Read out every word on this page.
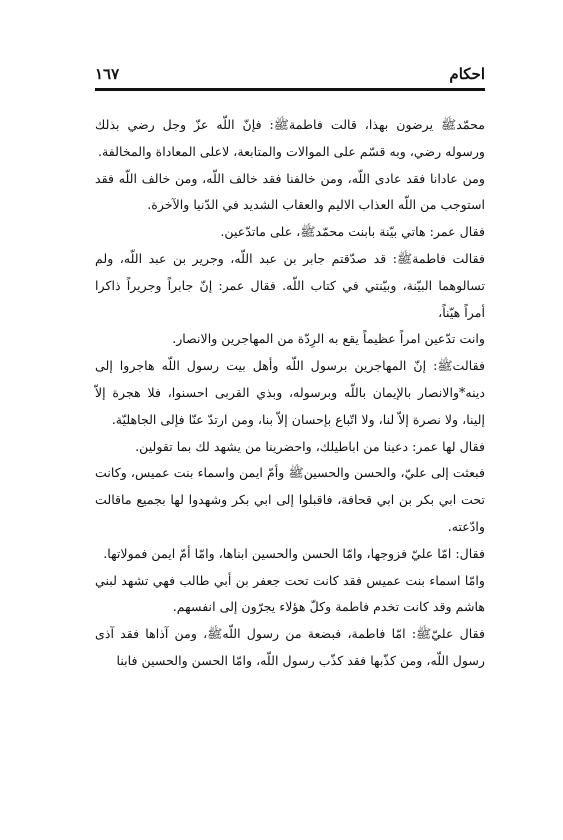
١٦٧	احكام

محمّدﷺ يرضون بهذا، قالت فاطمةﷺ: فإنّ اللّه عزّ وجل رضي بذلك ورسوله رضي، وبه قسّم على الموالات والمتابعة، لاعلى المعاداة والمخالفة.

ومن عادانا فقد عادى اللّه، ومن خالفنا فقد خالف اللّه، ومن خالف اللّه فقد استوجب من اللّه العذاب الاليم والعقاب الشديد في الدّنيا والآخرة.

فقال عمر: هاتي بيّنة بابنت محمّدﷺ، على ماتدّعين.

فقالت فاطمةﷺ: قد صدّقتم جابر بن عبد اللّه، وجرير بن عبد اللّه، ولم تسالوهما البيّنة، وبيّنتي في كتاب اللّه. فقال عمر: إنّ جابراً وجريراً ذاكرا أمراً هيّناً،

وانت تدّعين امراً عظيماً يقع به الرِدّة من المهاجرين والانصار.

فقالتﷺ: إنّ المهاجرين برسول اللّه وأهل بيت رسول اللّه هاجروا إلى دينه*والانصار بالإيمان باللّه وبرسوله، وبذي القربى احسنوا، فلا هجرة إلاّ إلينا، ولا نصرة إلاّ لنا، ولا اتّباع بإحسان إلاّ بنا، ومن ارتدّ عنّا فإلى الجاهليّة.

فقال لها عمر: دعينا من اباطيلك، واحضرينا من يشهد لك بما تقولين.

فبعثت إلى عليّ، والحسن والحسينﷺ وأمّ ايمن واسماء بنت عميس، وكانت تحت ابي بكر بن ابي قحافة، فاقبلوا إلى ابي بكر وشهدوا لها بجميع ماقالت وادّعته.

فقال: امّا عليّ فزوجها، وامّا الحسن والحسين ابناها، وامّا أمّ ايمن فمولاتها.

وامّا اسماء بنت عميس فقد كانت تحت جعفر بن أبي طالب فهي تشهد لبني هاشم وقد كانت تخدم فاطمة وكلّ هؤلاء يجرّون إلى انفسهم.

فقال عليّﷺ: امّا فاطمة، فبضعة من رسول اللّهﷺ، ومن آذاها فقد آذى رسول اللّه، ومن كذّبها فقد كذّب رسول اللّه، وامّا الحسن والحسين فابنا
